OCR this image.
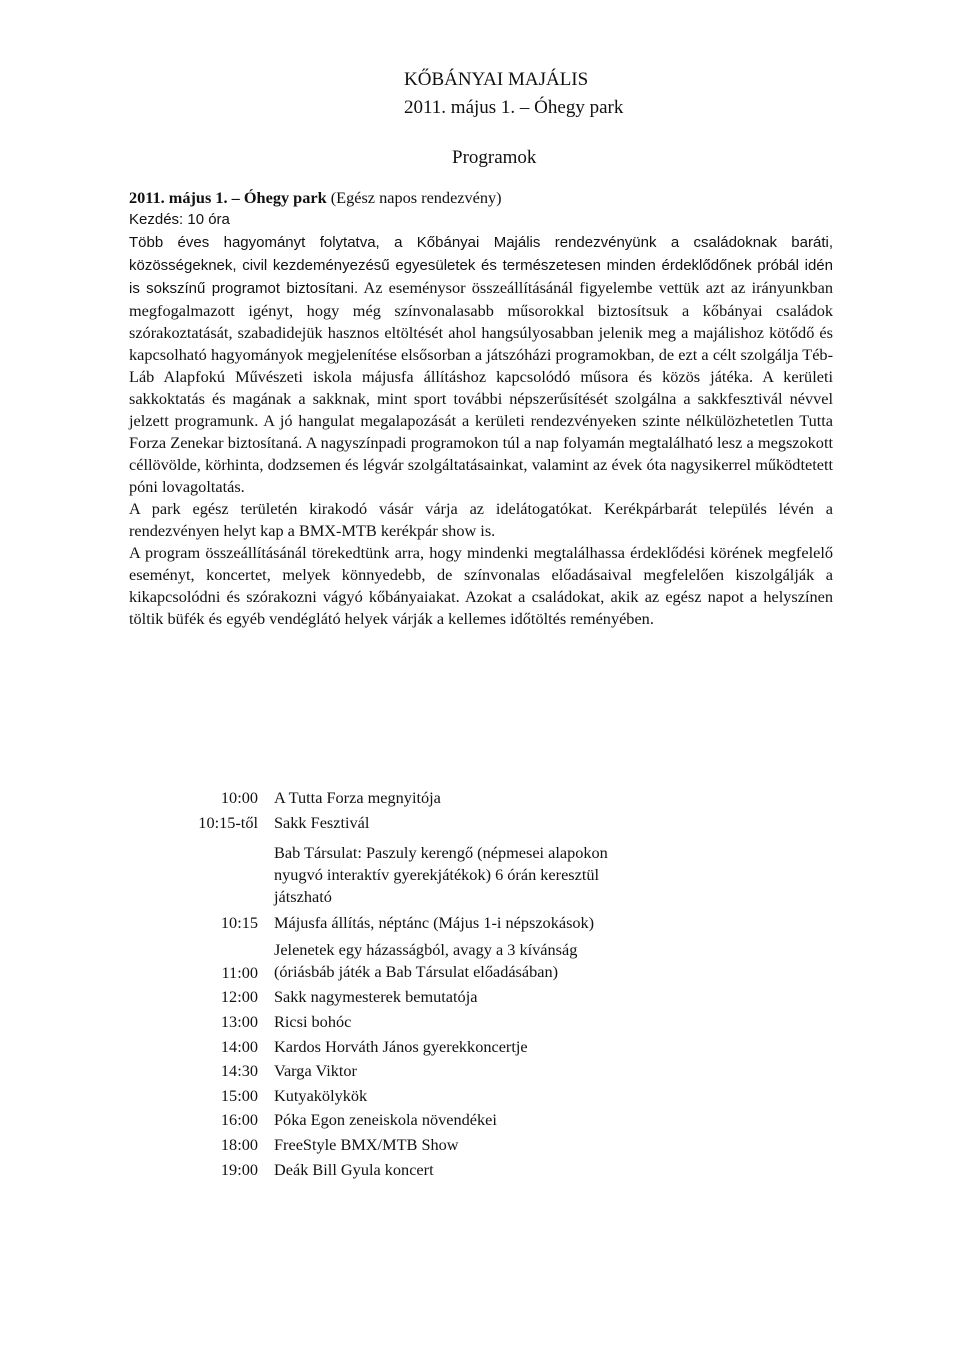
KŐBÁNYAI MAJÁLIS
2011. május 1. – Óhegy park
Programok

2011. május 1. – Óhegy park (Egész napos rendezvény)

Kezdés: 10 óra

Több éves hagyományt folytatva, a Kőbányai Majális rendezvényünk a családoknak baráti, közösségeknek, civil kezdeményezésű egyesületek és természetesen minden érdeklődőnek próbál idén is sokszínű programot biztosítani. Az eseménysor összeállításánál figyelembe vettük azt az irányunkban megfogalmazott igényt, hogy még színvonalasabb műsorokkal biztosítsuk a kőbányai családok szórakoztatását, szabadidejük hasznos eltöltését ahol hangsúlyosabban jelenik meg a majálishoz kötődő és kapcsolható hagyományok megjelenítése elsősorban a játszóházi programokban, de ezt a célt szolgálja Téb-Láb Alapfokú Művészeti iskola májusfa állításhoz kapcsolódó műsora és közös játéka. A kerületi sakkoktatás és magának a sakknak, mint sport további népszerűsítését szolgálna a sakkfesztivál névvel jelzett programunk. A jó hangulat megalapozását a kerületi rendezvényeken szinte nélkülözhetetlen Tutta Forza Zenekar biztosítaná. A nagyszínpadi programokon túl a nap folyamán megtalálható lesz a megszokott céllövölde, körhinta, dodzsemen és légvár szolgáltatásainkat, valamint az évek óta nagysikerrel működtetett póni lovagoltatás.

A park egész területén kirakodó vásár várja az idelátogatókat. Kerékpárbarát település lévén a rendezvényen helyt kap a BMX-MTB kerékpár show is.

A program összeállításánál törekedtünk arra, hogy mindenki megtalálhassa érdeklődési körének megfelelő eseményt, koncertet, melyek könnyedebb, de színvonalas előadásaival megfelelően kiszolgálják a kikapcsolódni és szórakozni vágyó kőbányaiakat. Azokat a családokat, akik az egész napot a helyszínen töltik büfék és egyéb vendéglátó helyek várják a kellemes időtöltés reményében.

10:00 A Tutta Forza megnyitója
10:15-től Sakk Fesztivál
Bab Társulat: Paszuly kerengő (népmesei alapokon
nyugvó interaktív gyerekjátékok) 6 órán keresztül
játszható
10:15 Májusfa állítás, néptánc (Május 1-i népszokások)
11:00
Jelenetek egy házasságból, avagy a 3 kívánság
(óriásbáb játék a Bab Társulat előadásában)
12:00 Sakk nagymesterek bemutatója
13:00 Ricsi bohóc
14:00 Kardos Horváth János gyerekkoncertje
14:30 Varga Viktor
15:00 Kutyakölykök
16:00 Póka Egon zeneiskola növendékei
18:00 FreeStyle BMX/MTB Show
19:00 Deák Bill Gyula koncert
